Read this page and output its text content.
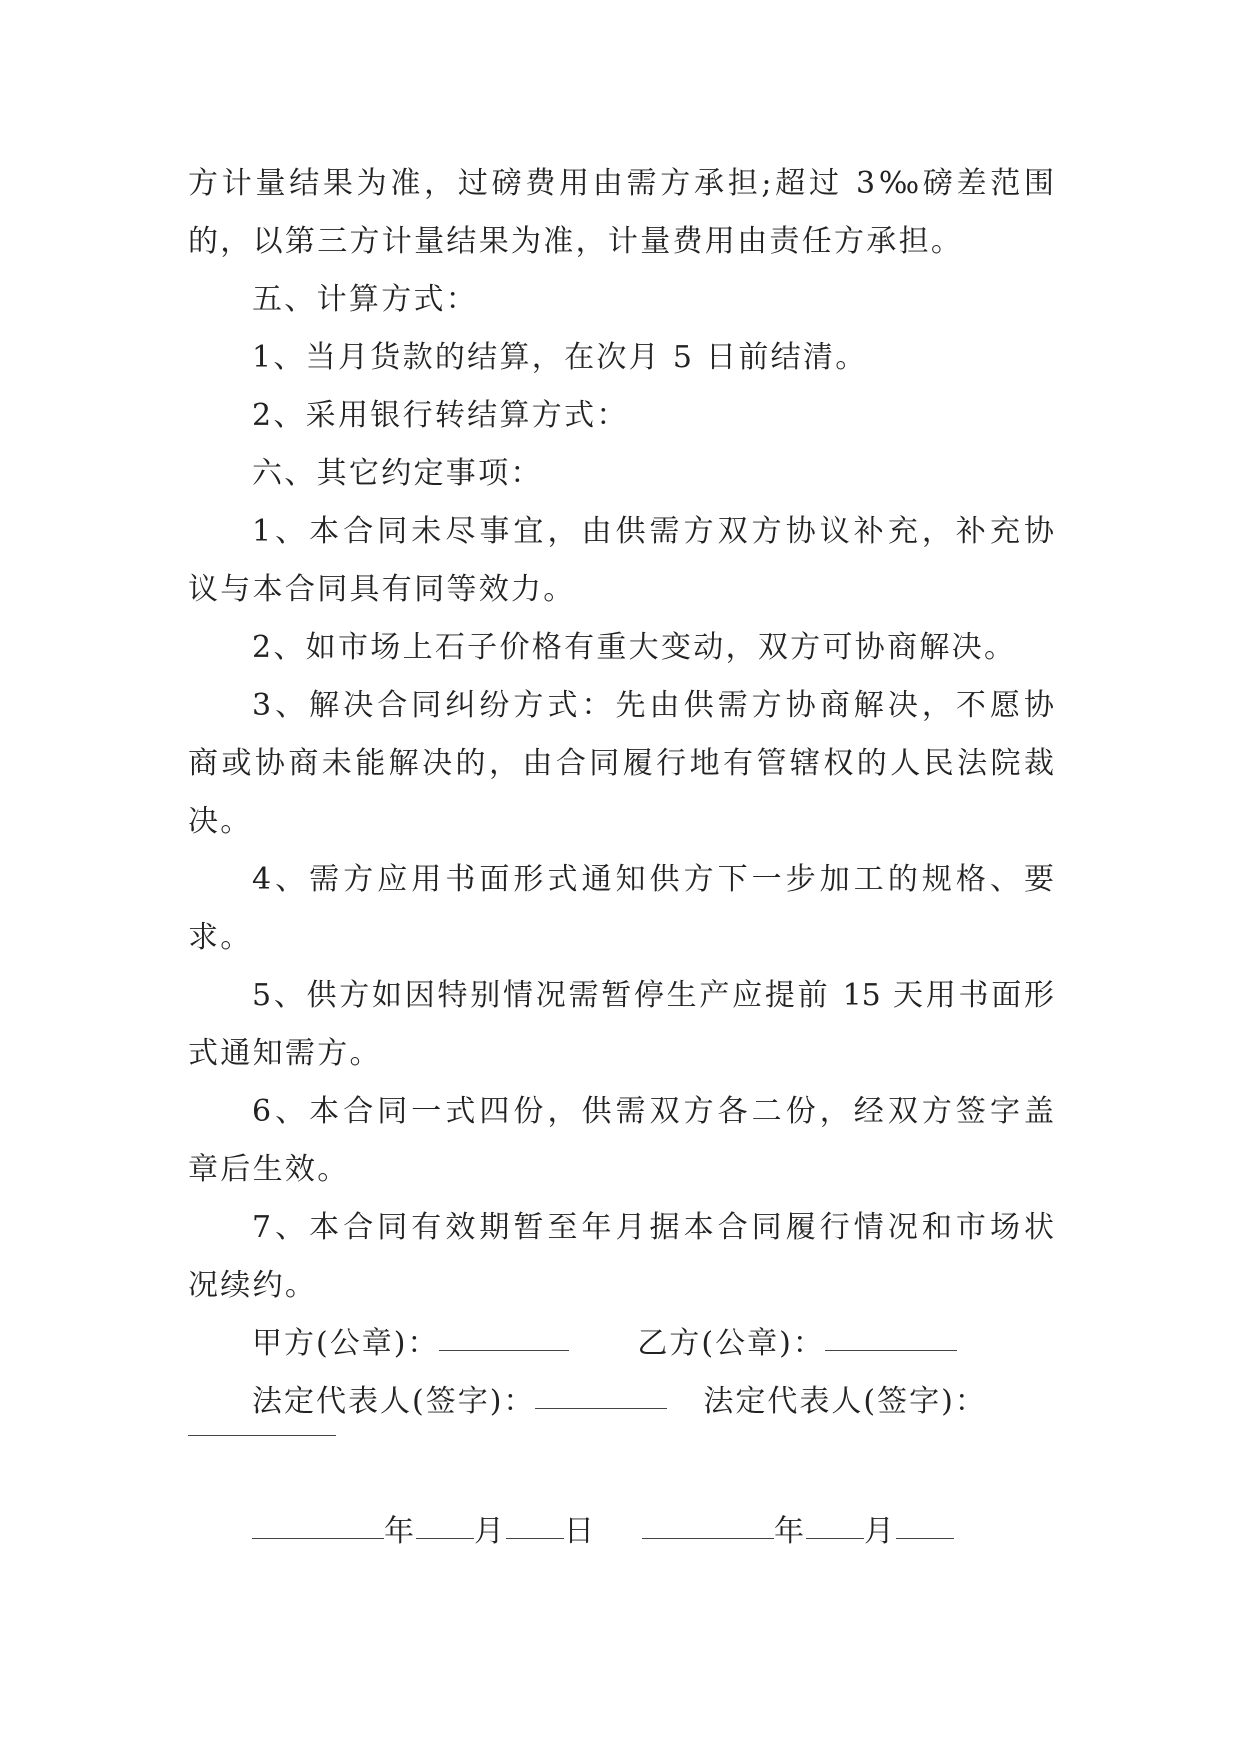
方计量结果为准，过磅费用由需方承担;超过 3‰磅差范围
的，以第三方计量结果为准，计量费用由责任方承担。
五、计算方式：
1、当月货款的结算，在次月 5 日前结清。
2、采用银行转结算方式：
六、其它约定事项：
1、本合同未尽事宜，由供需方双方协议补充，补充协
议与本合同具有同等效力。
2、如市场上石子价格有重大变动，双方可协商解决。
3、解决合同纠纷方式：先由供需方协商解决，不愿协
商或协商未能解决的，由合同履行地有管辖权的人民法院裁
决。
4、需方应用书面形式通知供方下一步加工的规格、要
求。
5、供方如因特别情况需暂停生产应提前 15 天用书面形
式通知需方。
6、本合同一式四份，供需双方各二份，经双方签字盖
章后生效。
7、本合同有效期暂至年月据本合同履行情况和市场状
况续约。
甲方(公章)：	乙方(公章)：
法定代表人(签字)：	法定代表人(签字)：
年 月 日	年 月
